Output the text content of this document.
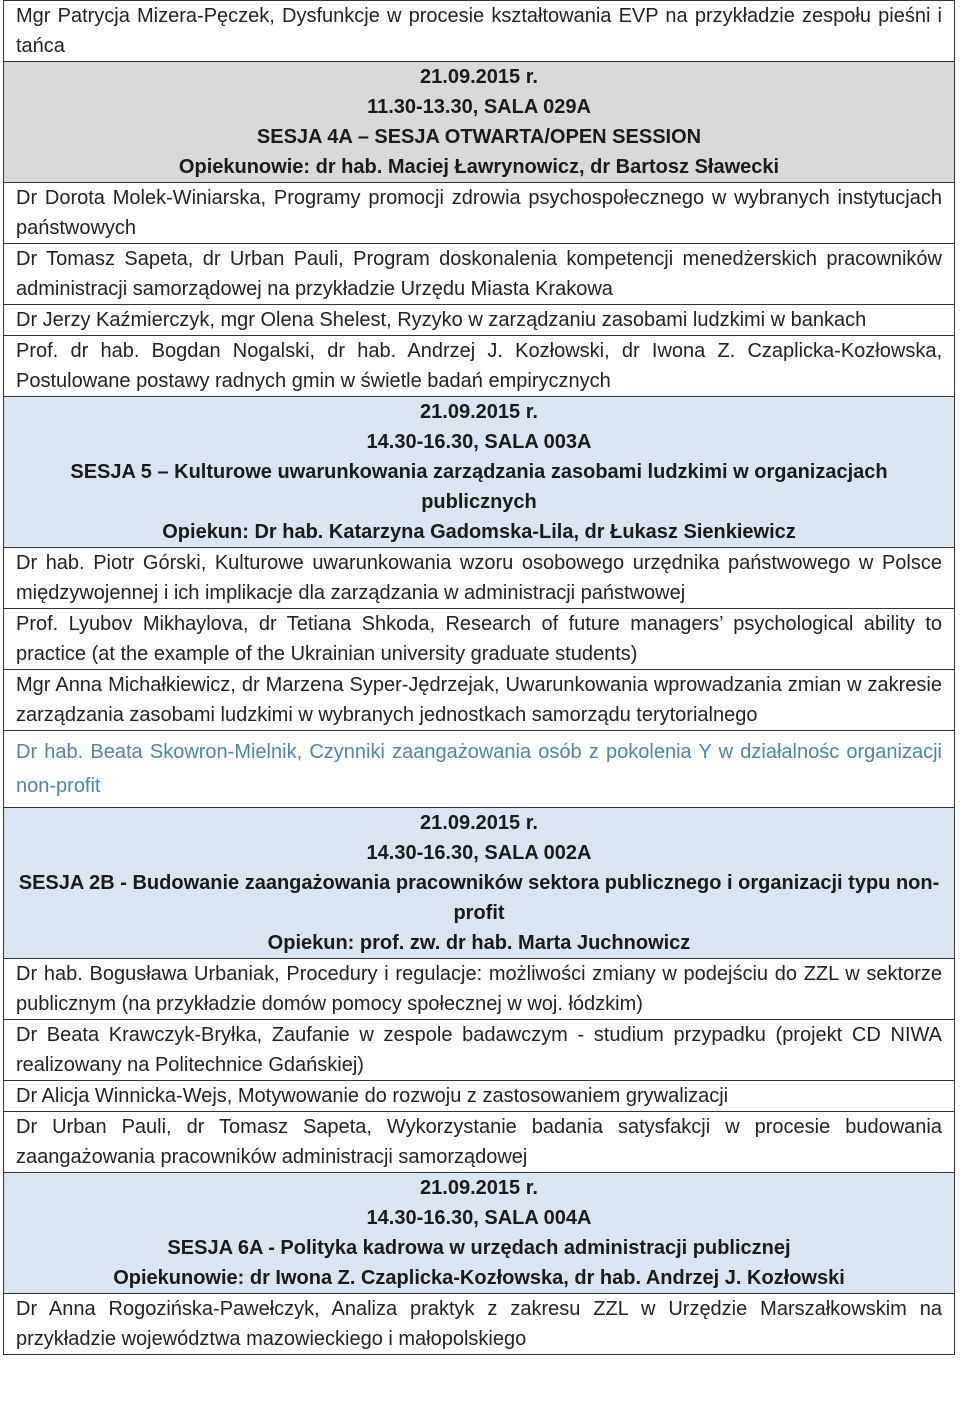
Mgr Patrycja Mizera-Pęczek, Dysfunkcje w procesie kształtowania EVP na przykładzie zespołu pieśni i tańca

21.09.2015 r.
11.30-13.30, SALA 029A
SESJA 4A – SESJA OTWARTA/OPEN SESSION
Opiekunowie: dr hab. Maciej Ławrynowicz, dr Bartosz Sławecki

Dr Dorota Molek-Winiarska, Programy promocji zdrowia psychospołecznego w wybranych instytucjach państwowych
Dr Tomasz Sapeta, dr Urban Pauli, Program doskonalenia kompetencji menedżerskich pracowników administracji samorządowej na przykładzie Urzędu Miasta Krakowa
Dr Jerzy Kaźmierczyk, mgr Olena Shelest, Ryzyko w zarządzaniu zasobami ludzkimi w bankach
Prof. dr hab. Bogdan Nogalski, dr hab. Andrzej J. Kozłowski, dr Iwona Z. Czaplicka-Kozłowska, Postulowane postawy radnych gmin w świetle badań empirycznych

21.09.2015 r.
14.30-16.30, SALA 003A
SESJA 5 – Kulturowe uwarunkowania zarządzania zasobami ludzkimi w organizacjach publicznych
Opiekun: Dr hab. Katarzyna Gadomska-Lila, dr Łukasz Sienkiewicz

Dr hab. Piotr Górski, Kulturowe uwarunkowania wzoru osobowego urzędnika państwowego w Polsce międzywojennej i ich implikacje dla zarządzania w administracji państwowej
Prof. Lyubov Mikhaylova, dr Tetiana Shkoda, Research of future managers’ psychological ability to practice (at the example of the Ukrainian university graduate students)
Mgr Anna Michałkiewicz, dr Marzena Syper-Jędrzejak, Uwarunkowania wprowadzania zmian w zakresie zarządzania zasobami ludzkimi w wybranych jednostkach samorządu terytorialnego
Dr hab. Beata Skowron-Mielnik, Czynniki zaangażowania osób z pokolenia Y w działalnośc organizacji non-profit

21.09.2015 r.
14.30-16.30, SALA 002A
SESJA 2B - Budowanie zaangażowania pracowników sektora publicznego i organizacji typu non-profit
Opiekun: prof. zw. dr hab. Marta Juchnowicz

Dr hab. Bogusława Urbaniak, Procedury i regulacje: możliwości zmiany w podejściu do ZZL w sektorze publicznym (na przykładzie domów pomocy społecznej w woj. łódzkim)
Dr Beata Krawczyk-Bryłka, Zaufanie w zespole badawczym - studium przypadku (projekt CD NIWA realizowany na Politechnice Gdańskiej)
Dr Alicja Winnicka-Wejs, Motywowanie do rozwoju z zastosowaniem grywalizacji
Dr Urban Pauli, dr Tomasz Sapeta, Wykorzystanie badania satysfakcji w procesie budowania zaangażowania pracowników administracji samorządowej

21.09.2015 r.
14.30-16.30, SALA 004A
SESJA 6A - Polityka kadrowa w urzędach administracji publicznej
Opiekunowie: dr Iwona Z. Czaplicka-Kozłowska, dr hab. Andrzej J. Kozłowski

Dr Anna Rogozińska-Pawełczyk, Analiza praktyk z zakresu ZZL w Urzędzie Marszałkowskim na przykładzie województwa mazowieckiego i małopolskiego
